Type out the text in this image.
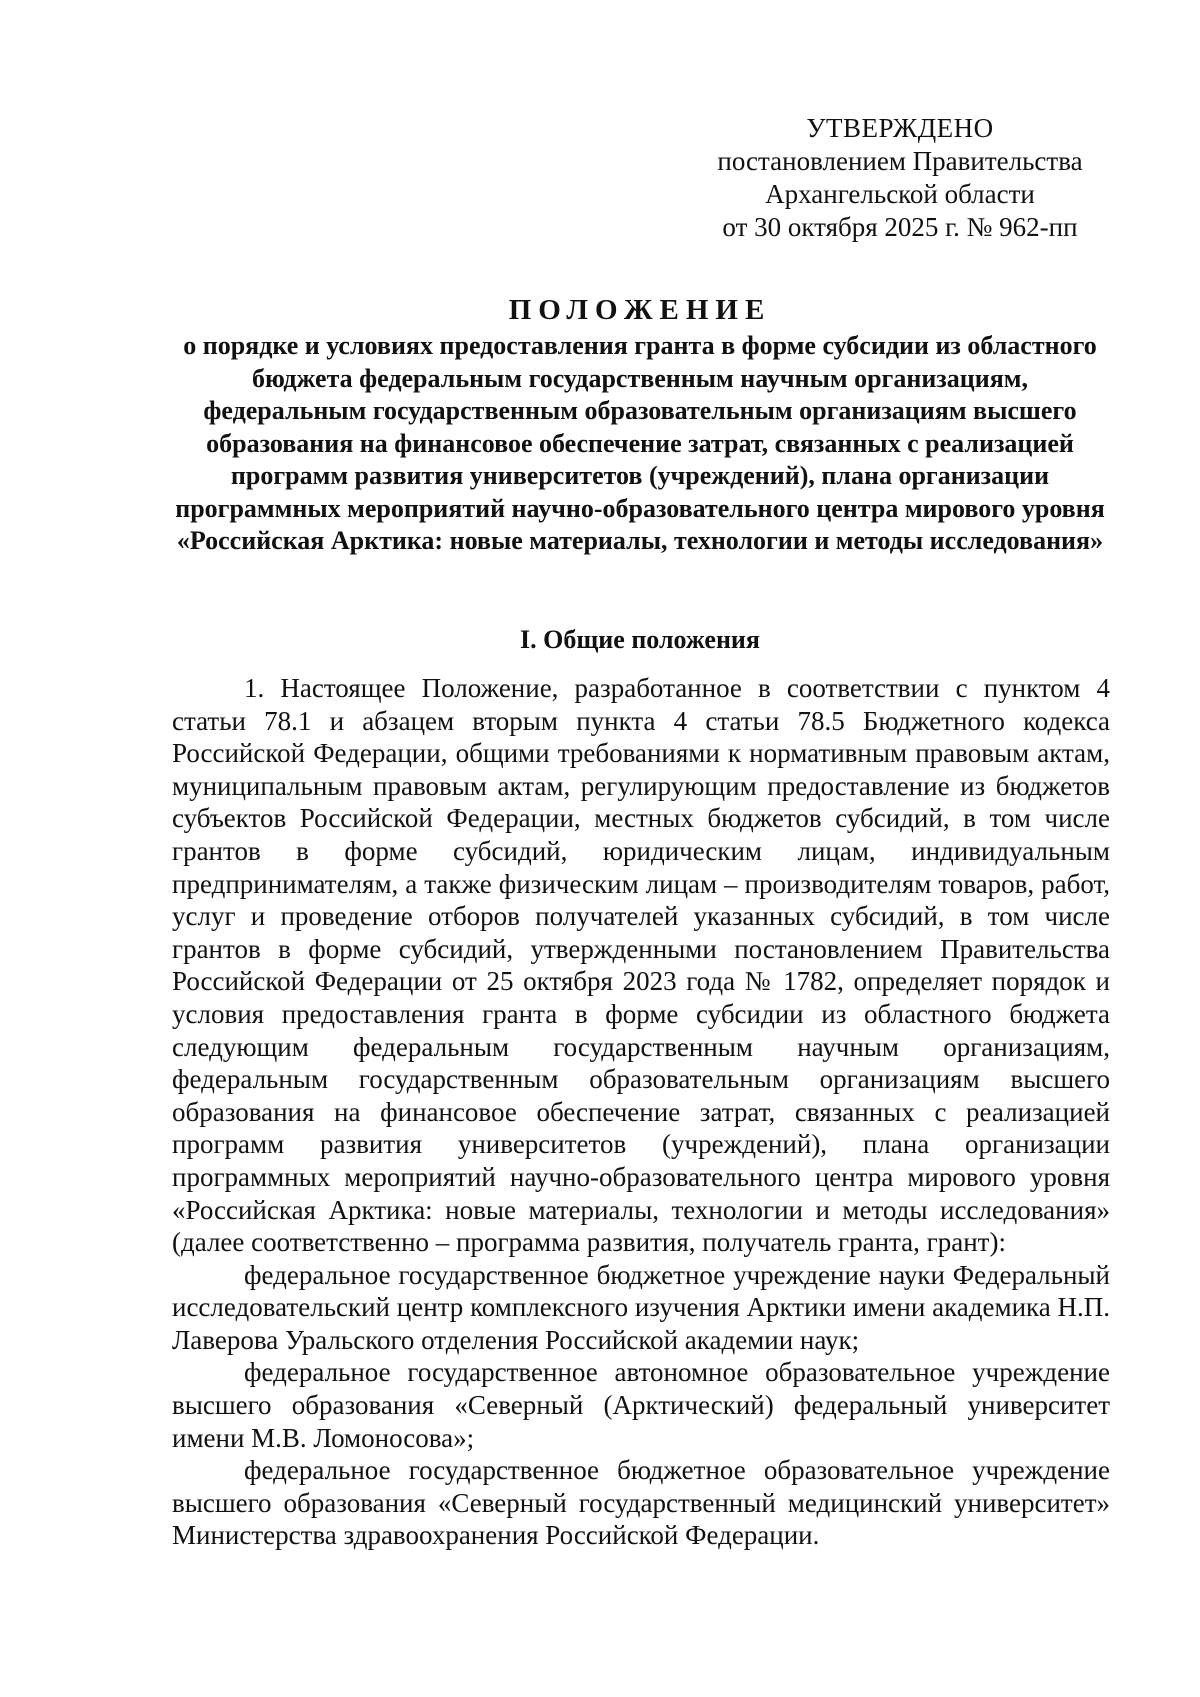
УТВЕРЖДЕНО
постановлением Правительства
Архангельской области
от 30 октября 2025 г. № 962-пп

ПОЛОЖЕНИЕ

о порядке и условиях предоставления гранта в форме субсидии из областного бюджета федеральным государственным научным организациям, федеральным государственным образовательным организациям высшего образования на финансовое обеспечение затрат, связанных с реализацией программ развития университетов (учреждений), плана организации программных мероприятий научно-образовательного центра мирового уровня «Российская Арктика: новые материалы, технологии и методы исследования»

I. Общие положения

1. Настоящее Положение, разработанное в соответствии с пунктом 4 статьи 78.1 и абзацем вторым пункта 4 статьи 78.5 Бюджетного кодекса Российской Федерации, общими требованиями к нормативным правовым актам, муниципальным правовым актам, регулирующим предоставление из бюджетов субъектов Российской Федерации, местных бюджетов субсидий, в том числе грантов в форме субсидий, юридическим лицам, индивидуальным предпринимателям, а также физическим лицам – производителям товаров, работ, услуг и проведение отборов получателей указанных субсидий, в том числе грантов в форме субсидий, утвержденными постановлением Правительства Российской Федерации от 25 октября 2023 года № 1782, определяет порядок и условия предоставления гранта в форме субсидии из областного бюджета следующим федеральным государственным научным организациям, федеральным государственным образовательным организациям высшего образования на финансовое обеспечение затрат, связанных с реализацией программ развития университетов (учреждений), плана организации программных мероприятий научно-образовательного центра мирового уровня «Российская Арктика: новые материалы, технологии и методы исследования» (далее соответственно – программа развития, получатель гранта, грант):

федеральное государственное бюджетное учреждение науки Федеральный исследовательский центр комплексного изучения Арктики имени академика Н.П. Лаверова Уральского отделения Российской академии наук;

федеральное государственное автономное образовательное учреждение высшего образования «Северный (Арктический) федеральный университет имени М.В. Ломоносова»;

федеральное государственное бюджетное образовательное учреждение высшего образования «Северный государственный медицинский университет» Министерства здравоохранения Российской Федерации.
